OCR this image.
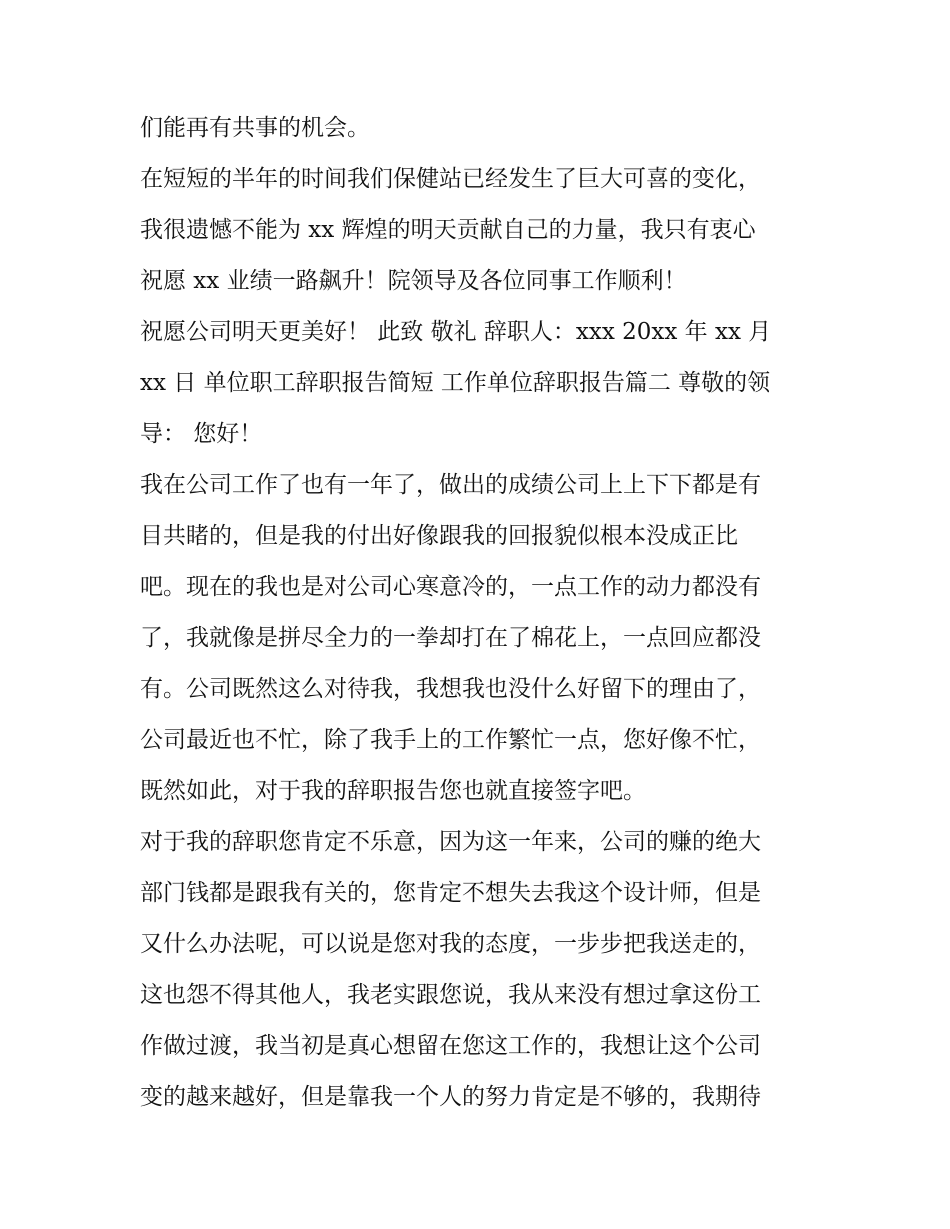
们能再有共事的机会。
在短短的半年的时间我们保健站已经发生了巨大可喜的变化，
我很遗憾不能为 xx 辉煌的明天贡献自己的力量，我只有衷心
祝愿 xx 业绩一路飙升！院领导及各位同事工作顺利！
祝愿公司明天更美好！ 此致 敬礼 辞职人：xxx 20xx 年 xx 月
xx 日 单位职工辞职报告简短 工作单位辞职报告篇二 尊敬的领
导： 您好！
我在公司工作了也有一年了，做出的成绩公司上上下下都是有
目共睹的，但是我的付出好像跟我的回报貌似根本没成正比
吧。现在的我也是对公司心寒意冷的，一点工作的动力都没有
了，我就像是拼尽全力的一拳却打在了棉花上，一点回应都没
有。公司既然这么对待我，我想我也没什么好留下的理由了，
公司最近也不忙，除了我手上的工作繁忙一点，您好像不忙，
既然如此，对于我的辞职报告您也就直接签字吧。
对于我的辞职您肯定不乐意，因为这一年来，公司的赚的绝大
部门钱都是跟我有关的，您肯定不想失去我这个设计师，但是
又什么办法呢，可以说是您对我的态度，一步步把我送走的，
这也怨不得其他人，我老实跟您说，我从来没有想过拿这份工
作做过渡，我当初是真心想留在您这工作的，我想让这个公司
变的越来越好，但是靠我一个人的努力肯定是不够的，我期待
